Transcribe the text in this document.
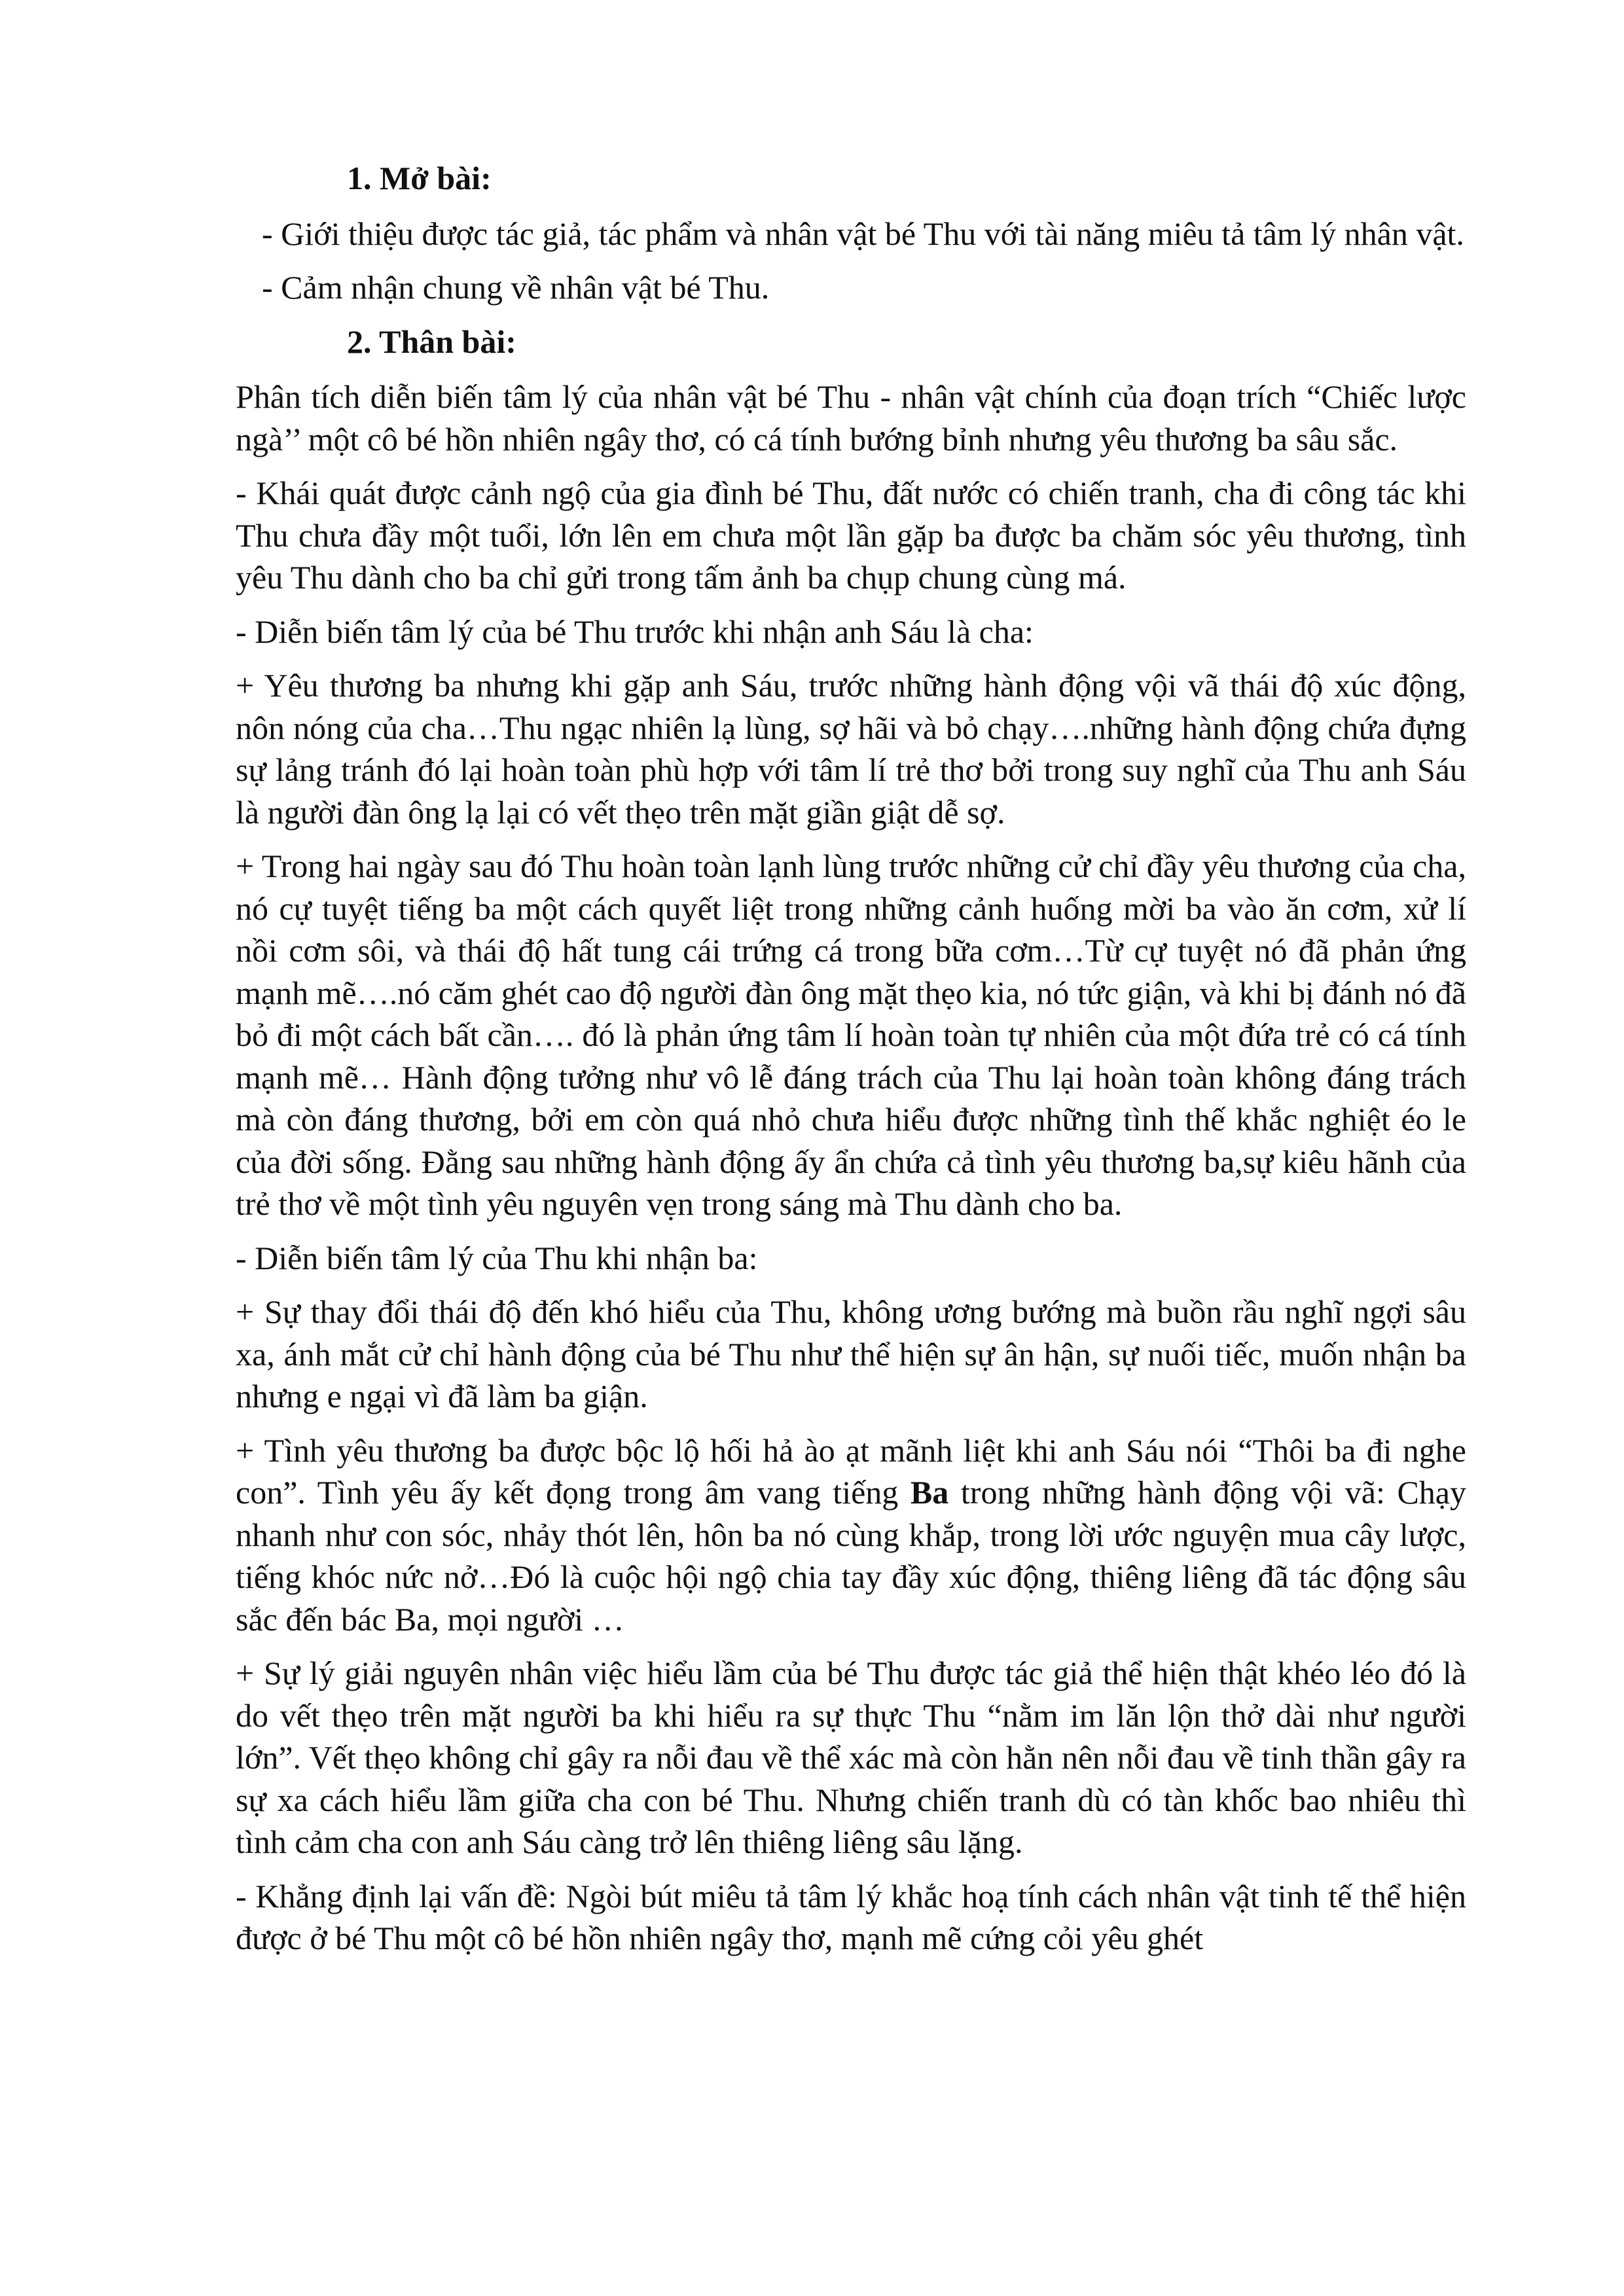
1. Mở bài:

- Giới thiệu được tác giả, tác phẩm và nhân vật bé Thu với tài năng miêu tả tâm lý nhân vật.

- Cảm nhận chung về nhân vật bé Thu.

2. Thân bài:

Phân tích diễn biến tâm lý của nhân vật bé Thu - nhân vật chính của đoạn trích “Chiếc lược ngà’’ một cô bé hồn nhiên ngây thơ, có cá tính bướng bỉnh nhưng yêu thương ba sâu sắc.

- Khái quát được cảnh ngộ của gia đình bé Thu, đất nước có chiến tranh, cha đi công tác khi Thu chưa đầy một tuổi, lớn lên em chưa một lần gặp ba được ba chăm sóc yêu thương, tình yêu Thu dành cho ba chỉ gửi trong tấm ảnh ba chụp chung cùng má.

- Diễn biến tâm lý của bé Thu trước khi nhận anh Sáu là cha:

+ Yêu thương ba nhưng khi gặp anh Sáu, trước những hành động vội vã thái độ xúc động, nôn nóng của cha…Thu ngạc nhiên lạ lùng, sợ hãi và bỏ chạy….những hành động chứa đựng sự lảng tránh đó lại hoàn toàn phù hợp với tâm lí trẻ thơ bởi trong suy nghĩ của Thu anh Sáu là người đàn ông lạ lại có vết thẹo trên mặt giần giật dễ sợ.

+ Trong hai ngày sau đó Thu hoàn toàn lạnh lùng trước những cử chỉ đầy yêu thương của cha, nó cự tuyệt tiếng ba một cách quyết liệt trong những cảnh huống mời ba vào ăn cơm, xử lí nồi cơm sôi, và thái độ hất tung cái trứng cá trong bữa cơm…Từ cự tuyệt nó đã phản ứng mạnh mẽ….nó căm ghét cao độ người đàn ông mặt thẹo kia, nó tức giận, và khi bị đánh nó đã bỏ đi một cách bất cần…. đó là phản ứng tâm lí hoàn toàn tự nhiên của một đứa trẻ có cá tính mạnh mẽ… Hành động tưởng như vô lễ đáng trách của Thu lại hoàn toàn không đáng trách mà còn đáng thương, bởi em còn quá nhỏ chưa hiểu được những tình thế khắc nghiệt éo le của đời sống. Đằng sau những hành động ấy ẩn chứa cả tình yêu thương ba,sự kiêu hãnh của trẻ thơ về một tình yêu nguyên vẹn trong sáng mà Thu dành cho ba.

- Diễn biến tâm lý của Thu khi nhận ba:

+ Sự thay đổi thái độ đến khó hiểu của Thu, không ương bướng mà buồn rầu nghĩ ngợi sâu xa, ánh mắt cử chỉ hành động của bé Thu như thể hiện sự ân hận, sự nuối tiếc, muốn nhận ba nhưng e ngại vì đã làm ba giận.

+ Tình yêu thương ba được bộc lộ hối hả ào ạt mãnh liệt khi anh Sáu nói “Thôi ba đi nghe con”. Tình yêu ấy kết đọng trong âm vang tiếng Ba trong những hành động vội vã: Chạy nhanh như con sóc, nhảy thót lên, hôn ba nó cùng khắp, trong lời ước nguyện mua cây lược, tiếng khóc nức nở…Đó là cuộc hội ngộ chia tay đầy xúc động, thiêng liêng đã tác động sâu sắc đến bác Ba, mọi người …

+ Sự lý giải nguyên nhân việc hiểu lầm của bé Thu được tác giả thể hiện thật khéo léo đó là do vết thẹo trên mặt người ba khi hiểu ra sự thực Thu “nằm im lăn lộn thở dài như người lớn”. Vết thẹo không chỉ gây ra nỗi đau về thể xác mà còn hằn nên nỗi đau về tinh thần gây ra sự xa cách hiểu lầm giữa cha con bé Thu. Nhưng chiến tranh dù có tàn khốc bao nhiêu thì tình cảm cha con anh Sáu càng trở lên thiêng liêng sâu lặng.

- Khẳng định lại vấn đề: Ngòi bút miêu tả tâm lý khắc hoạ tính cách nhân vật tinh tế thể hiện được ở bé Thu một cô bé hồn nhiên ngây thơ, mạnh mẽ cứng cỏi yêu ghét
